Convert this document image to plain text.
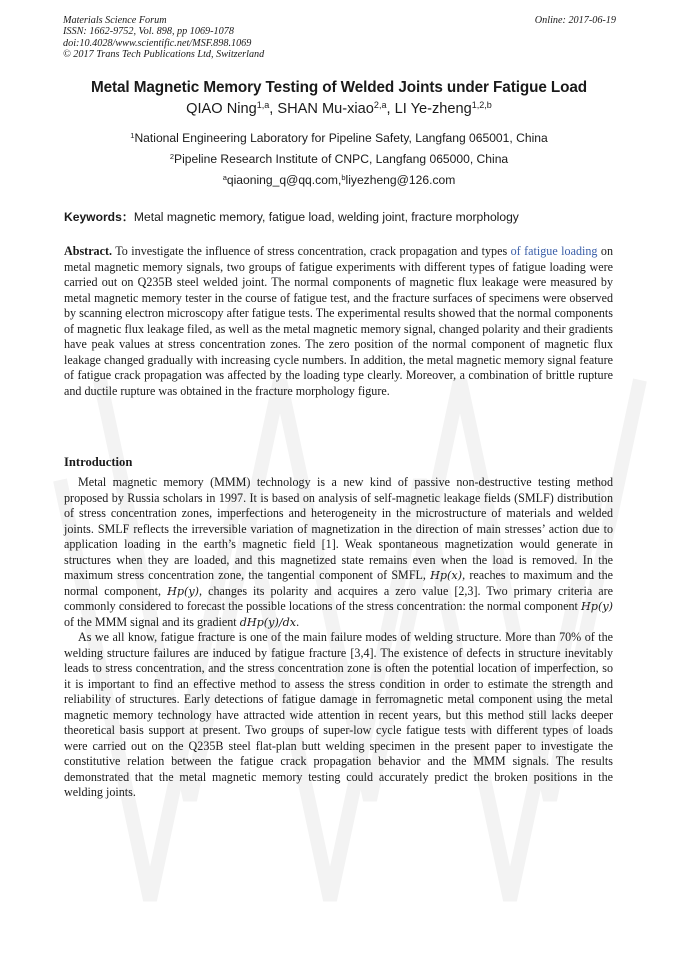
Materials Science Forum
ISSN: 1662-9752, Vol. 898, pp 1069-1078
doi:10.4028/www.scientific.net/MSF.898.1069
© 2017 Trans Tech Publications Ltd, Switzerland
Online: 2017-06-19
Metal Magnetic Memory Testing of Welded Joints under Fatigue Load
QIAO Ning$^{1,a}$, SHAN Mu-xiao$^{2,a}$, LI Ye-zheng$^{1,2,b}$
$^1$National Engineering Laboratory for Pipeline Safety, Langfang 065001, China
$^2$Pipeline Research Institute of CNPC, Langfang 065000, China
$^a$qiaoning_q@qq.com,$^b$liyezheng@126.com
Keywords：Metal magnetic memory, fatigue load, welding joint, fracture morphology

Abstract. To investigate the influence of stress concentration, crack propagation and types of fatigue loading on metal magnetic memory signals, two groups of fatigue experiments with different types of fatigue loading were carried out on Q235B steel welded joint. The normal components of magnetic flux leakage were measured by metal magnetic memory tester in the course of fatigue test, and the fracture surfaces of specimens were observed by scanning electron microscopy after fatigue tests. The experimental results showed that the normal components of magnetic flux leakage filed, as well as the metal magnetic memory signal, changed polarity and their gradients have peak values at stress concentration zones. The zero position of the normal component of magnetic flux leakage changed gradually with increasing cycle numbers. In addition, the metal magnetic memory signal feature of fatigue crack propagation was affected by the loading type clearly. Moreover, a combination of brittle rupture and ductile rupture was obtained in the fracture morphology figure.

Introduction

Metal magnetic memory (MMM) technology is a new kind of passive non-destructive testing method proposed by Russia scholars in 1997. It is based on analysis of self-magnetic leakage fields (SMLF) distribution of stress concentration zones, imperfections and heterogeneity in the microstructure of materials and welded joints. SMLF reflects the irreversible variation of magnetization in the direction of main stresses’ action due to application loading in the earth’s magnetic field [1]. Weak spontaneous magnetization would generate in structures when they are loaded, and this magnetized state remains even when the load is removed. In the maximum stress concentration zone, the tangential component of SMFL, Hp(x), reaches to maximum and the normal component, Hp(y), changes its polarity and acquires a zero value [2,3]. Two primary criteria are commonly considered to forecast the possible locations of the stress concentration: the normal component Hp(y) of the MMM signal and its gradient dHp(y)/dx.

As we all know, fatigue fracture is one of the main failure modes of welding structure. More than 70% of the welding structure failures are induced by fatigue fracture [3,4]. The existence of defects in structure inevitably leads to stress concentration, and the stress concentration zone is often the potential location of imperfection, so it is important to find an effective method to assess the stress condition in order to estimate the strength and reliability of structures. Early detections of fatigue damage in ferromagnetic metal component using the metal magnetic memory technology have attracted wide attention in recent years, but this method still lacks deeper theoretical basis support at present. Two groups of super-low cycle fatigue tests with different types of loads were carried out on the Q235B steel flat-plan butt welding specimen in the present paper to investigate the constitutive relation between the fatigue crack propagation behavior and the MMM signals. The results demonstrated that the metal magnetic memory testing could accurately predict the broken positions in the welding joints.
